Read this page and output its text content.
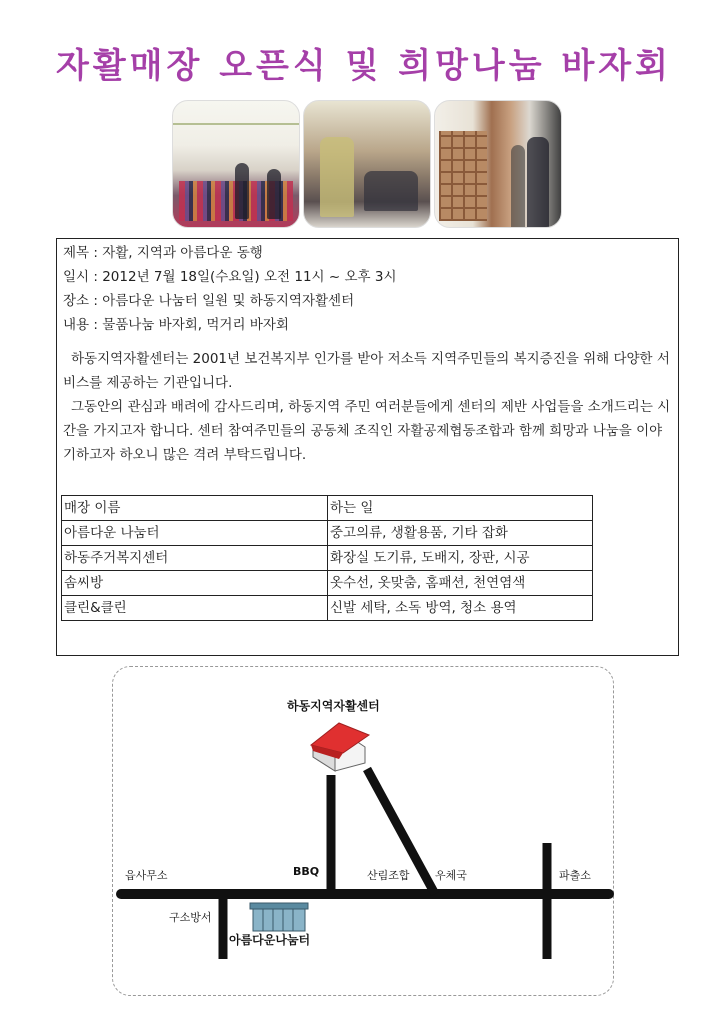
자활매장 오픈식 및 희망나눔 바자회
제목 : 자활, 지역과 아름다운 동행
일시 : 2012년 7월 18일(수요일) 오전 11시 ~ 오후 3시
장소 : 아름다운 나눔터 일원 및 하동지역자활센터
내용 : 물품나눔 바자회, 먹거리 바자회
하동지역자활센터는 2001년 보건복지부 인가를 받아 저소득 지역주민들의 복지증진을 위해 다양한 서비스를 제공하는 기관입니다.
그동안의 관심과 배려에 감사드리며, 하동지역 주민 여러분들에게 센터의 제반 사업들을 소개드리는 시간을 가지고자 합니다. 센터 참여주민들의 공동체 조직인 자활공제협동조합과 함께 희망과 나눔을 이야기하고자 하오니 많은 격려 부탁드립니다.
매장 이름	하는 일
아름다운 나눔터	중고의류, 생활용품, 기타 잡화
하동주거복지센터	화장실 도기류, 도배지, 장판, 시공
솜씨방	옷수선, 옷맞춤, 홈패션, 천연염색
클린&클린	신발 세탁, 소독 방역, 청소 용역
하동지역자활센터
읍사무소	BBQ	산림조합 우체국	파출소
구소방서
아름다운나눔터
